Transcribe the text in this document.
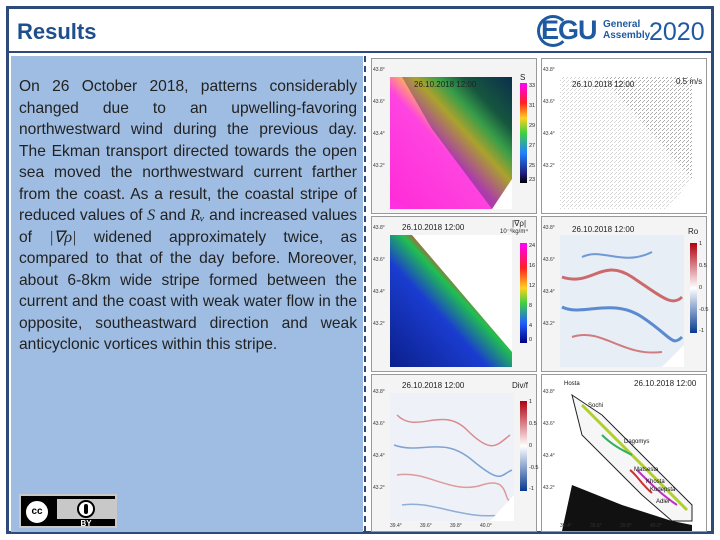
Results	EGU General
Assembly
2020
On 26 October 2018, patterns considerably changed due to an upwelling-favoring northwestward wind during the previous day. The Ekman transport directed towards the open sea moved the northwestward current farther from the coast. As a result, the coastal stripe of reduced values of S and Rᵥ and increased values of |∇ρ| widened approximately twice, as compared to that of the day before. Moreover, about 6-8km wide stripe formed between the current and the coast with weak water flow in the opposite, southeastward direction and weak anticyclonic vortices within this stripe.
cc
BY
26.10.2018 12:00
S
43.8°
43.6°
43.4°
43.2°
33
31
29
27
25
23
26.10.2018 12:00	0.5 m/s
43.8°
43.6°
43.4°
43.2°
26.10.2018 12:00	|∇ρ|
10⁻⁶kg/m⁴
43.8°
43.6°
43.4°
43.2°
24
16
12
8
4
0
26.10.2018 12:00	Ro
43.8°
43.6°
43.4°
43.2°
1
0.5
0
-0.5
-1
26.10.2018 12:00	Div/f
43.8°
43.6°
43.4°
43.2°
39.4°	39.6°	39.8°	40.0°
1
0.5
0
-0.5
-1
26.10.2018 12:00
Hosta
Sochi
Dagomys
Matsesta
Khosta
Kudepsta
Adler
43.8°
43.6°
43.4°
43.2°
39.4°	39.6°	39.8°	40.0°
